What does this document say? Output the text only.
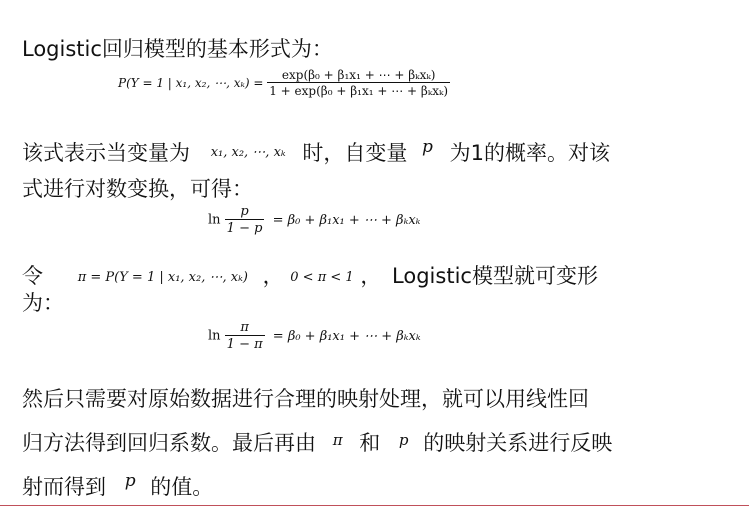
Logistic回归模型的基本形式为：
P(Y = 1 | x₁, x₂, ⋯, $x_k) = \frac{\text{exp(β₀ + β₁x₁ + ⋯ + βₖxₖ)}}{\text{1 + exp(β₀ + β₁x₁ + ⋯ + βₖxₖ)}}$
该式表示当变量为 x₁, x₂, ⋯, xₖ 时，自变量 $^p$ 为1的概率。对该
式进行对数变换，可得：
$\ln \frac{p}{1 - p} = \beta_0 + \beta_1x_1$ + ⋯ + βₖxₖ
令	π = P(Y = 1 | x₁, x₂, ⋯, xₖ) ， 0 < π < 1 ， Logistic模型就可变形
为：
$\ln \frac{\pi}{1 - \pi} = \beta_0 + \beta_1x_1$ + ⋯ + βₖxₖ
然后只需要对原始数据进行合理的映射处理，就可以用线性回
归方法得到回归系数。最后再由 $^\pi$ 和 $^p$ 的映射关系进行反映
射而得到 $^p$ 的值。
